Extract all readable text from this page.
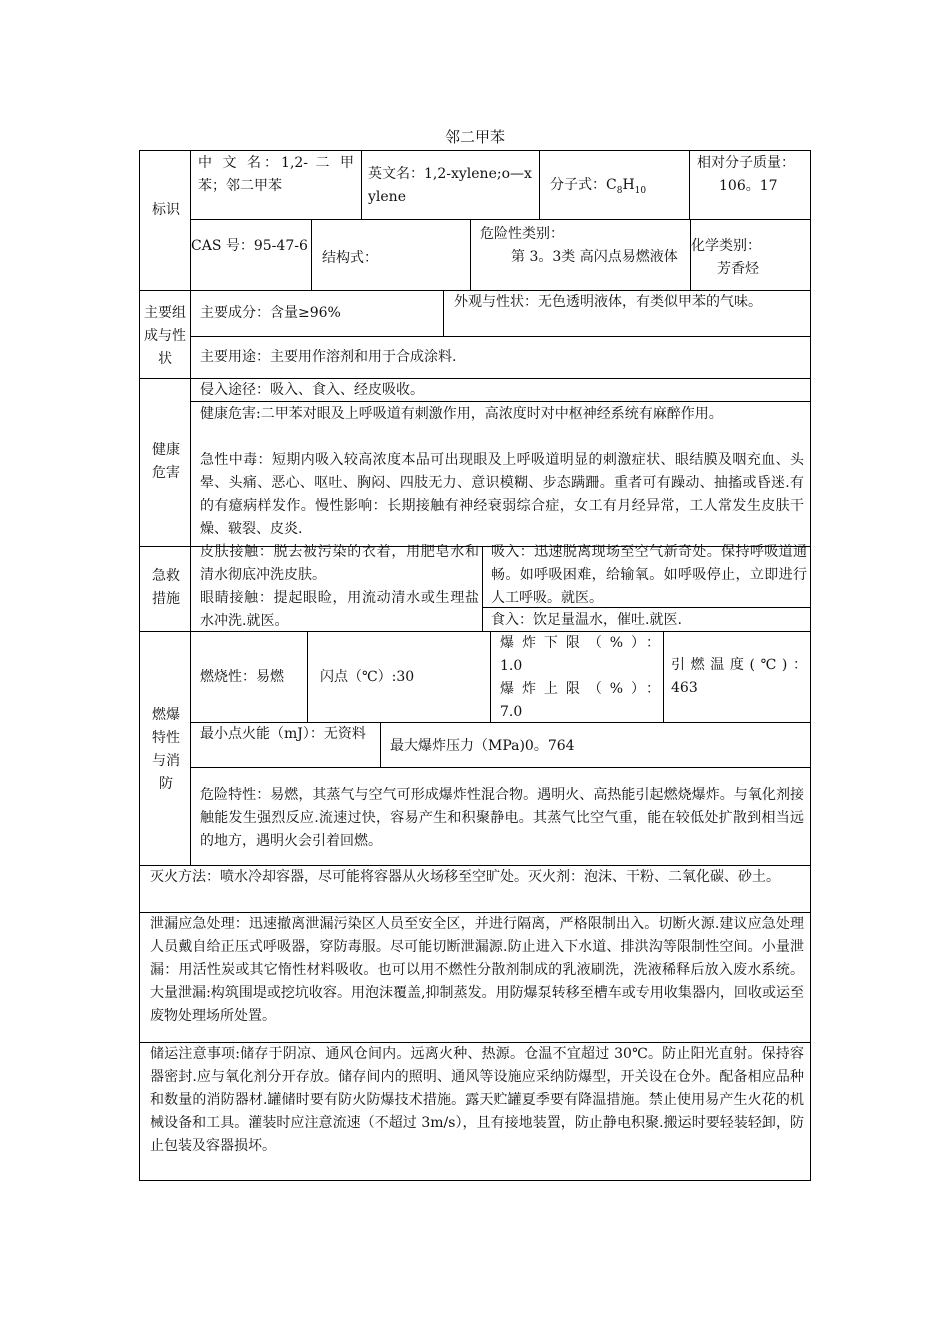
邻二甲苯
标识
中 文 名：1,2- 二 甲 苯；邻二甲苯
英文名：1,2-xylene;o—xylene
分子式：$C_8H_{10}$
相对分子质量：
106。17
CAS 号：95-47-6
结构式：
危险性类别：
第 3。3类 高闪点易燃液体
化学类别：
芳香烃
主要组成与性状
主要成分：含量≥96%
外观与性状：无色透明液体，有类似甲苯的气味。
主要用途：主要用作溶剂和用于合成涂料.
健康危害
侵入途径：吸入、食入、经皮吸收。
健康危害:二甲苯对眼及上呼吸道有刺激作用，高浓度时对中枢神经系统有麻醉作用。
急性中毒：短期内吸入较高浓度本品可出现眼及上呼吸道明显的刺激症状、眼结膜及咽充血、头晕、头痛、恶心、呕吐、胸闷、四肢无力、意识模糊、步态蹒跚。重者可有躁动、抽搐或昏迷.有的有癔病样发作。慢性影响：长期接触有神经衰弱综合症，女工有月经异常，工人常发生皮肤干燥、皲裂、皮炎.
急救措施
皮肤接触：脱去被污染的衣着，用肥皂水和清水彻底冲洗皮肤。
眼睛接触：提起眼睑，用流动清水或生理盐水冲洗.就医。
吸入：迅速脱离现场至空气新奇处。保持呼吸道通畅。如呼吸困难，给输氧。如呼吸停止，立即进行人工呼吸。就医。
食入：饮足量温水，催吐.就医.
燃爆特性与消防
燃烧性：易燃	闪点（℃）:30
爆炸下限（%）：
1.0
爆炸上限（%）：
7.0
引燃温度(℃)：
463
最小点火能（mJ）：无资料
最大爆炸压力（MPa)0。764
危险特性：易燃，其蒸气与空气可形成爆炸性混合物。遇明火、高热能引起燃烧爆炸。与氧化剂接触能发生强烈反应.流速过快，容易产生和积聚静电。其蒸气比空气重，能在较低处扩散到相当远的地方，遇明火会引着回燃。
灭火方法：喷水冷却容器，尽可能将容器从火场移至空旷处。灭火剂：泡沫、干粉、二氧化碳、砂土。
泄漏应急处理：迅速撤离泄漏污染区人员至安全区，并进行隔离，严格限制出入。切断火源.建议应急处理人员戴自给正压式呼吸器，穿防毒服。尽可能切断泄漏源.防止进入下水道、排洪沟等限制性空间。小量泄漏：用活性炭或其它惰性材料吸收。也可以用不燃性分散剂制成的乳液刷洗，洗液稀释后放入废水系统。大量泄漏:构筑围堤或挖坑收容。用泡沫覆盖,抑制蒸发。用防爆泵转移至槽车或专用收集器内，回收或运至废物处理场所处置。
储运注意事项:储存于阴凉、通风仓间内。远离火种、热源。仓温不宜超过 30℃。防止阳光直射。保持容器密封.应与氧化剂分开存放。储存间内的照明、通风等设施应采纳防爆型，开关设在仓外。配备相应品种和数量的消防器材.罐储时要有防火防爆技术措施。露天贮罐夏季要有降温措施。禁止使用易产生火花的机械设备和工具。灌装时应注意流速（不超过 3m/s），且有接地装置，防止静电积聚.搬运时要轻装轻卸，防止包装及容器损坏。
